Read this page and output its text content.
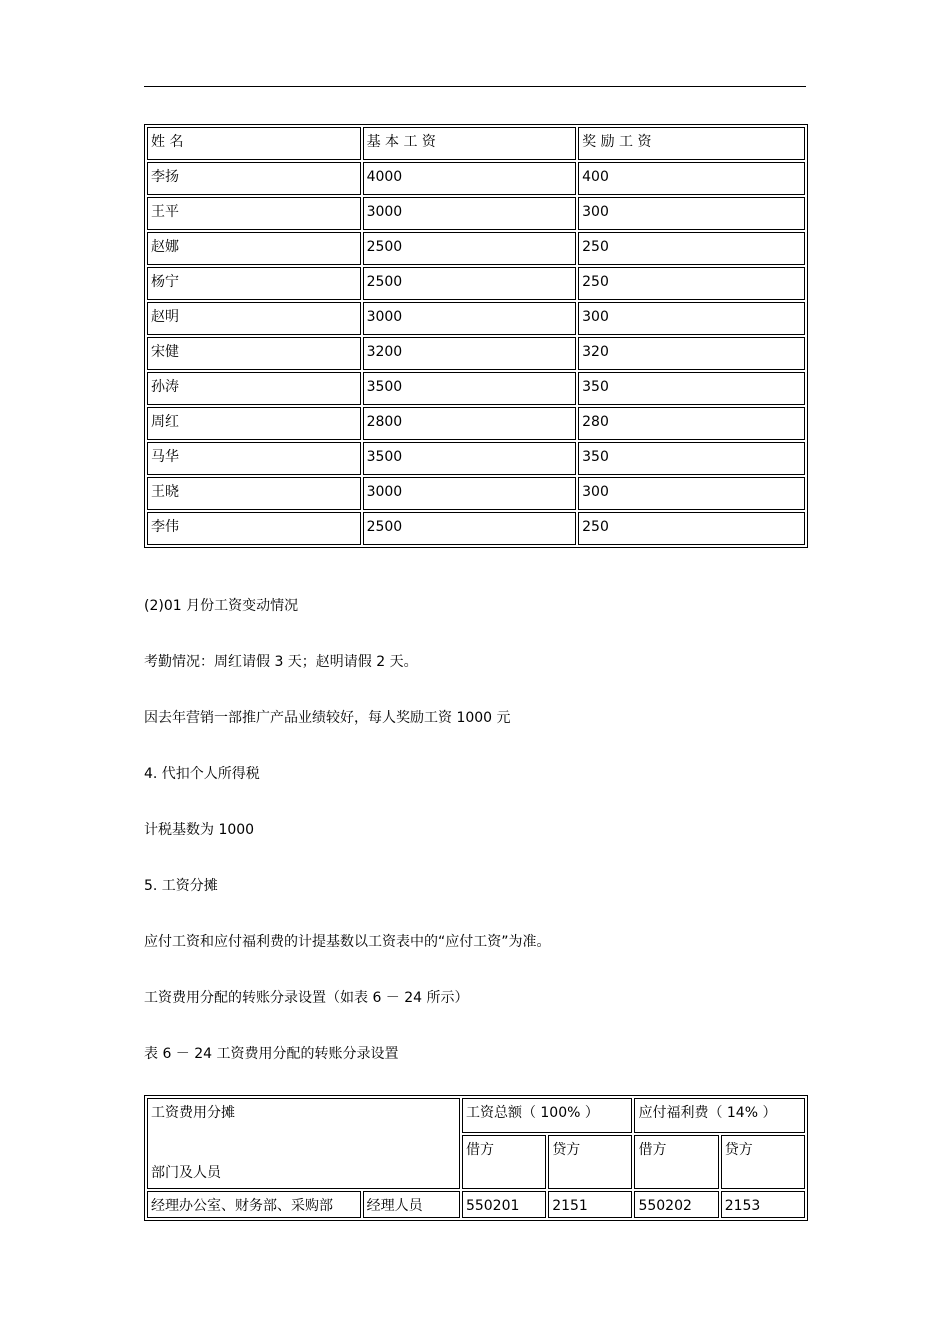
姓 名	基 本 工 资	奖 励 工 资
李扬	4000	400
王平	3000	300
赵娜	2500	250
杨宁	2500	250
赵明	3000	300
宋健	3200	320
孙涛	3500	350
周红	2800	280
马华	3500	350
王晓	3000	300
李伟	2500	250
(2)01 月份工资变动情况
考勤情况：周红请假 3 天；赵明请假 2 天。
因去年营销一部推广产品业绩较好，每人奖励工资 1000 元
4. 代扣个人所得税
计税基数为 1000
5. 工资分摊
应付工资和应付福利费的计提基数以工资表中的“应付工资”为准。
工资费用分配的转账分录设置（如表 6 － 24 所示）
表 6 － 24 工资费用分配的转账分录设置
工资费用分摊
部门及人员		工资总额（ 100% ）		应付福利费（ 14% ）	
		借方	贷方	借方	贷方
经理办公室、财务部、采购部	经理人员	550201	2151	550202	2153
